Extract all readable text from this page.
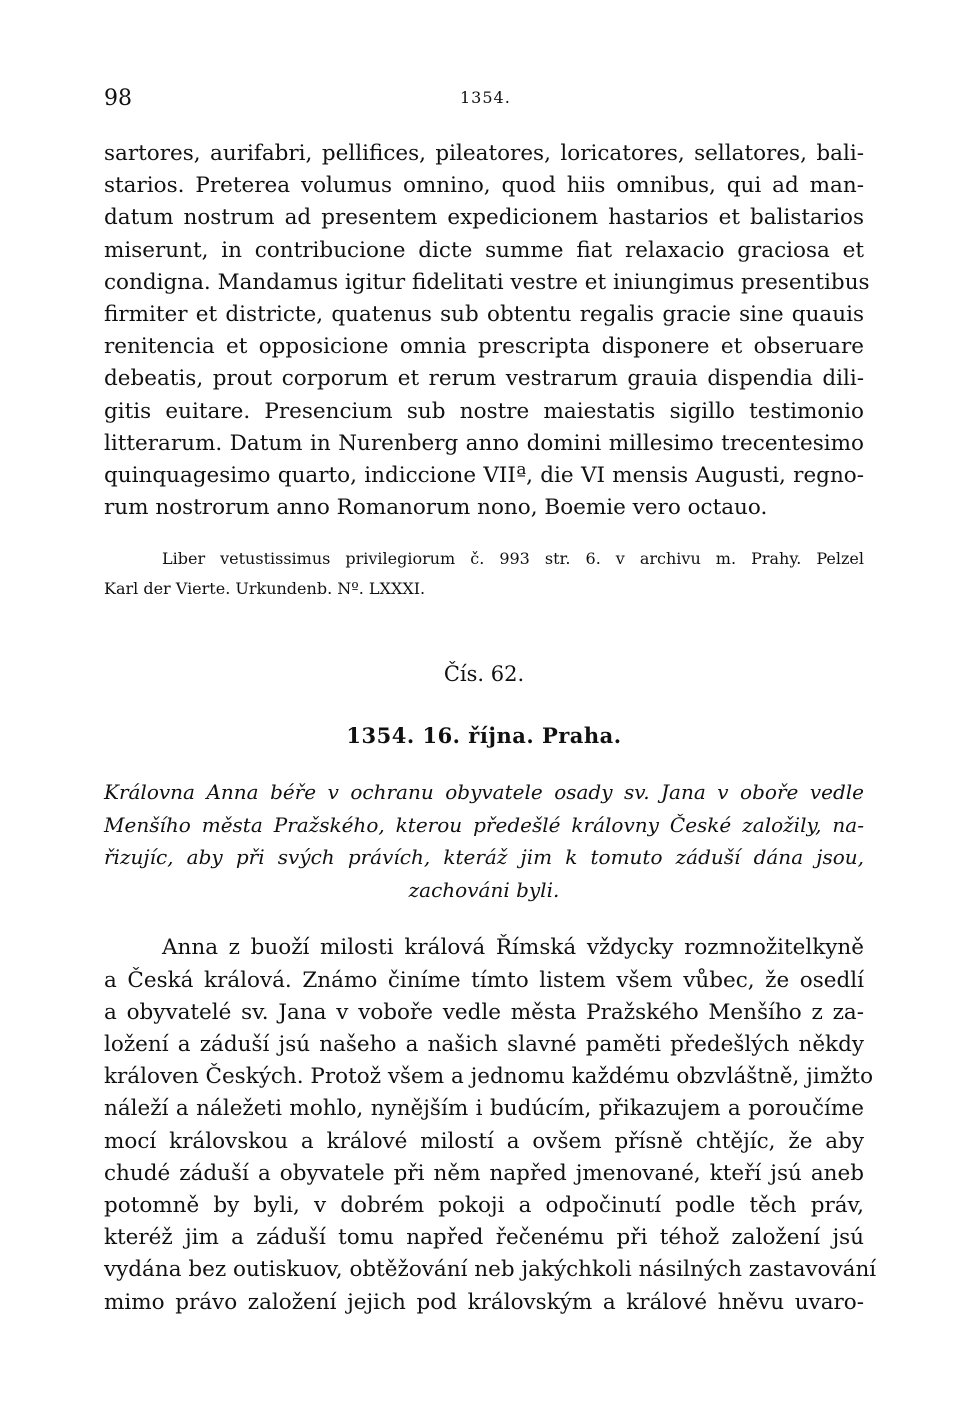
98	1354.
sartores, aurifabri, pellifices, pileatores, loricatores, sellatores, bali-
starios. Preterea volumus omnino, quod hiis omnibus, qui ad man-
datum nostrum ad presentem expedicionem hastarios et balistarios
miserunt, in contribucione dicte summe fiat relaxacio graciosa et
condigna. Mandamus igitur fidelitati vestre et iniungimus presentibus
firmiter et districte, quatenus sub obtentu regalis gracie sine quauis
renitencia et opposicione omnia prescripta disponere et obseruare
debeatis, prout corporum et rerum vestrarum grauia dispendia dili-
gitis euitare. Presencium sub nostre maiestatis sigillo testimonio
litterarum. Datum in Nurenberg anno domini millesimo trecentesimo
quinquagesimo quarto, indiccione VIIª, die VI mensis Augusti, regno-
rum nostrorum anno Romanorum nono, Boemie vero octauo.
Liber vetustissimus privilegiorum č. 993 str. 6. v archivu m. Prahy. Pelzel
Karl der Vierte. Urkundenb. Nº. LXXXI.
Čís. 62.
1354. 16. října. Praha.
Královna Anna béře v ochranu obyvatele osady sv. Jana v oboře vedle
Menšího města Pražského, kterou předešlé královny České založily, na-
řizujíc, aby při svých právích, kteráž jim k tomuto záduší dána jsou,
zachováni byli.
Anna z buoží milosti králová Římská vždycky rozmnožitelkyně
a Česká králová. Známo činíme tímto listem všem vůbec, že osedlí
a obyvatelé sv. Jana v voboře vedle města Pražského Menšího z za-
ložení a záduší jsú našeho a našich slavné paměti předešlých někdy
královen Českých. Protož všem a jednomu každému obzvláštně, jimžto
náleží a náležeti mohlo, nynějším i budúcím, přikazujem a poroučíme
mocí královskou a králové milostí a ovšem přísně chtějíc, že aby
chudé záduší a obyvatele při něm napřed jmenované, kteří jsú aneb
potomně by byli, v dobrém pokoji a odpočinutí podle těch práv,
kteréž jim a záduší tomu napřed řečenému při téhož založení jsú
vydána bez outiskuov, obtěžování neb jakýchkoli násilných zastavování
mimo právo založení jejich pod královským a králové hněvu uvaro-
